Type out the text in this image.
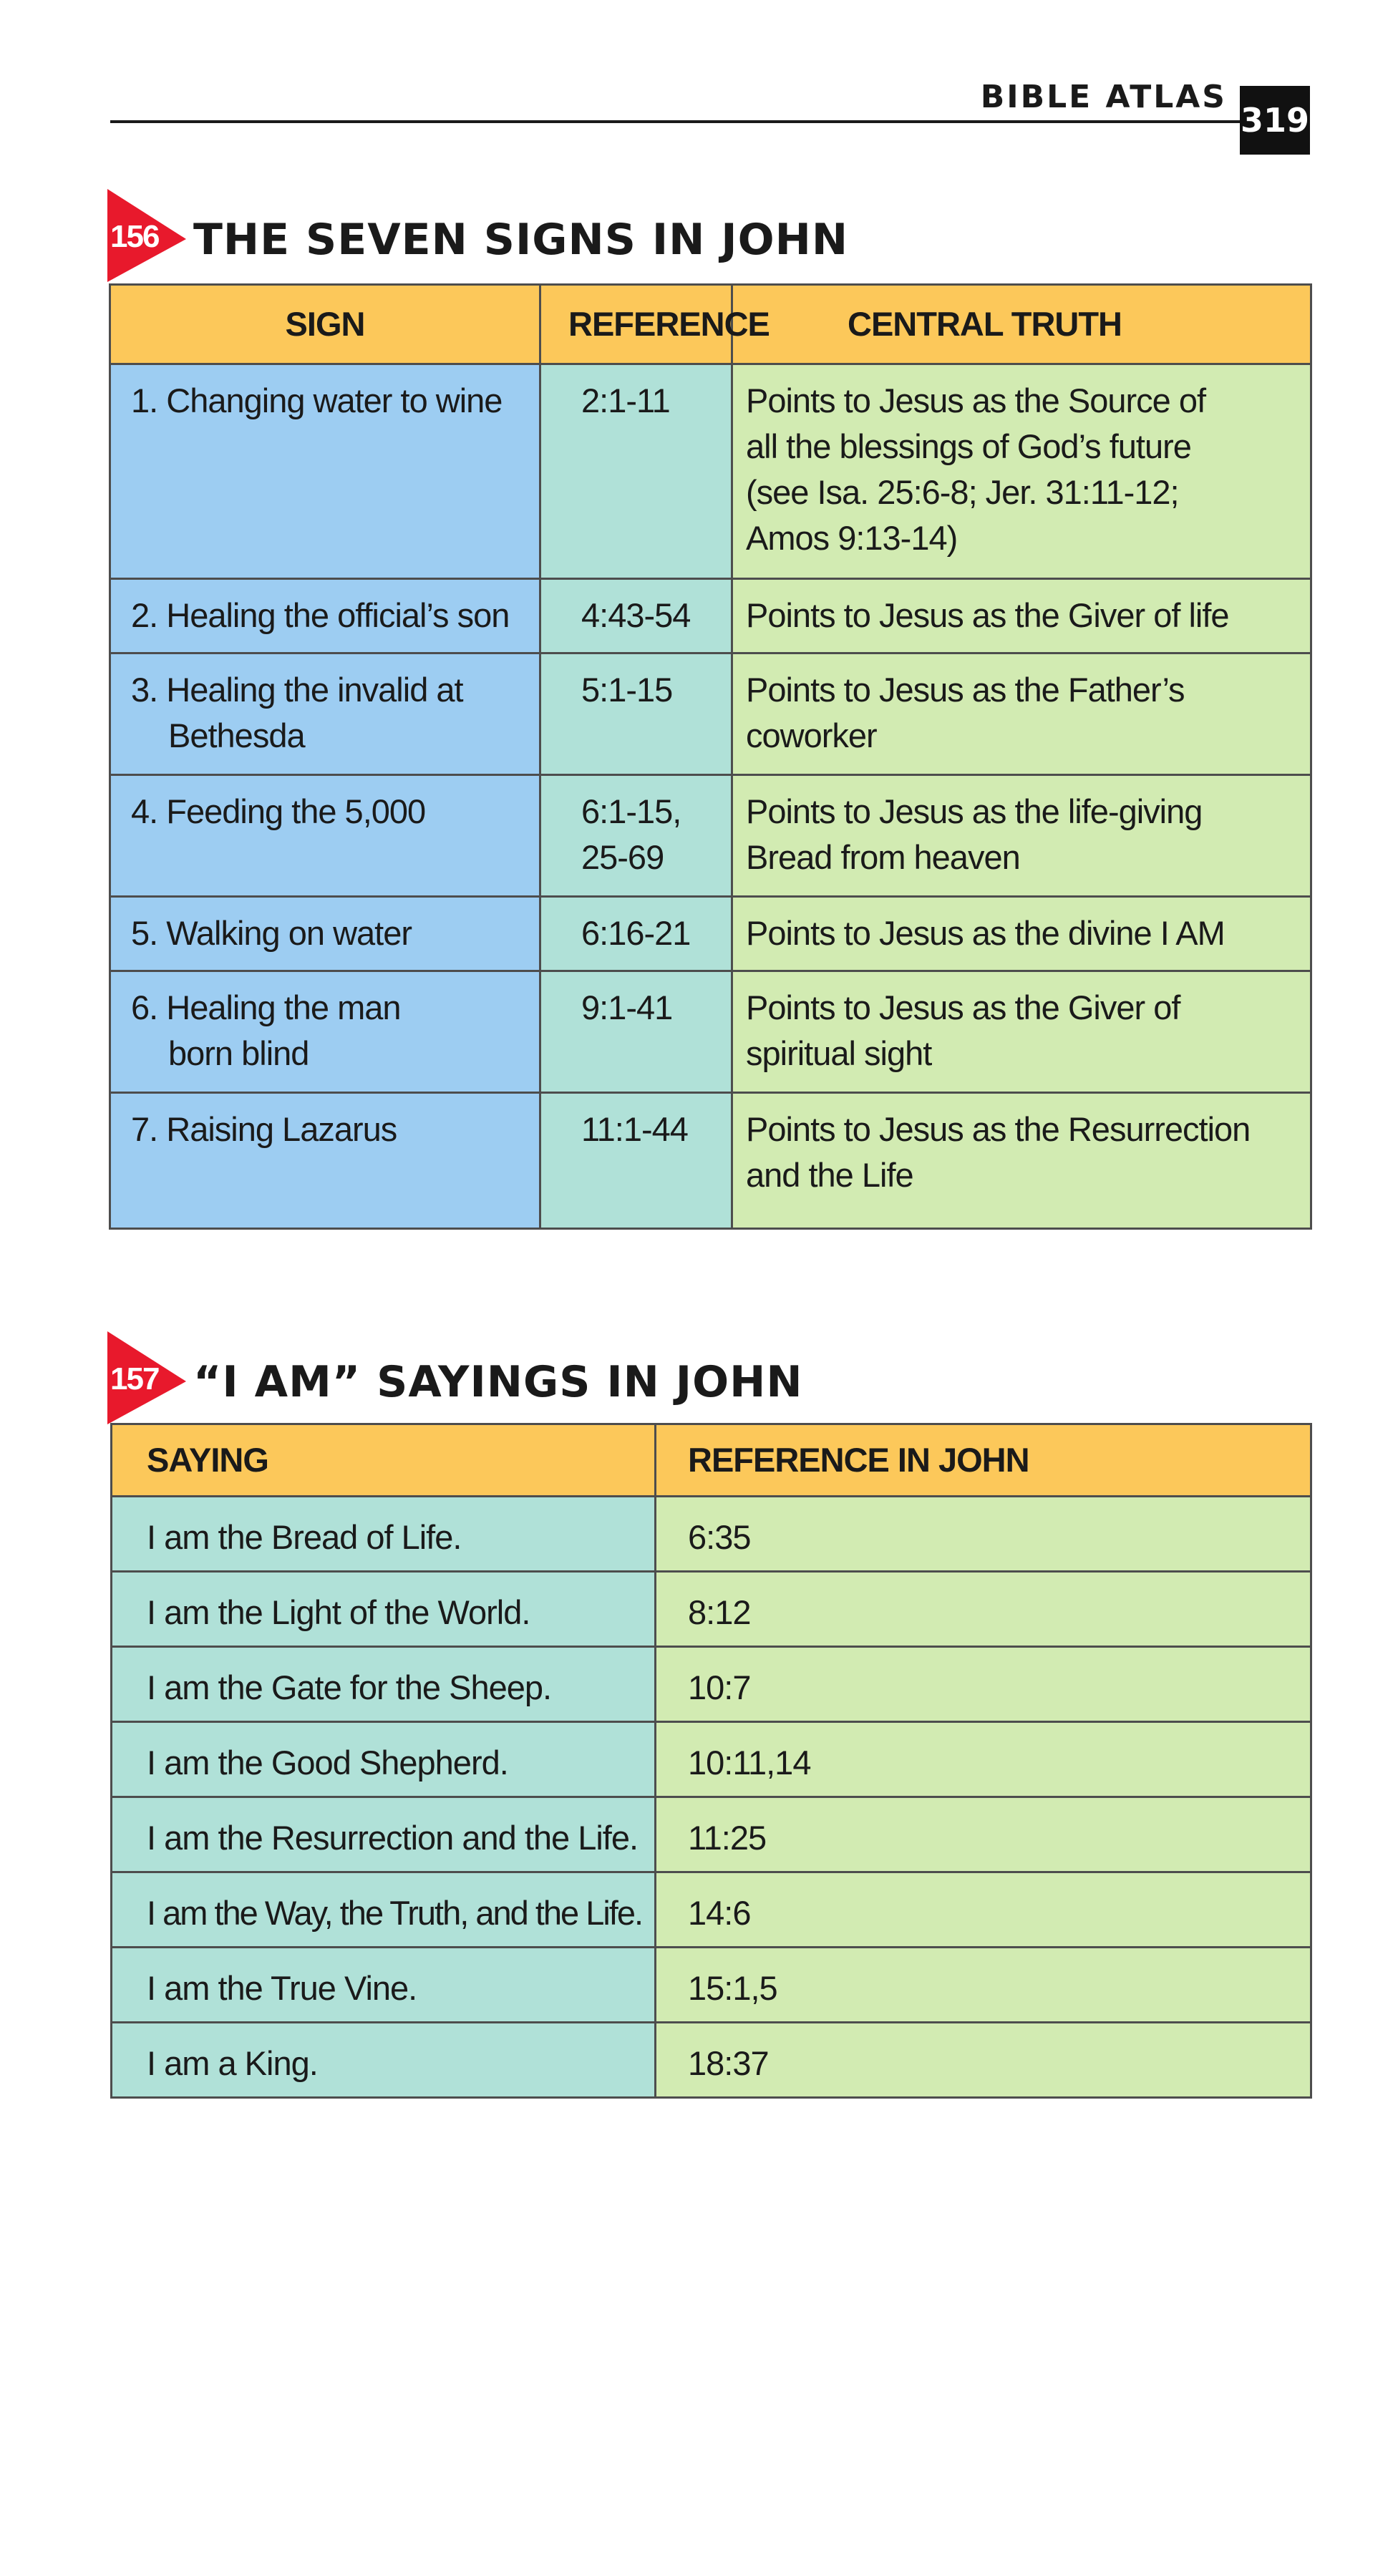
BIBLE ATLAS
319
156 THE SEVEN SIGNS IN JOHN
SIGN	REFERENCE	CENTRAL TRUTH

1. Changing water to wine	2:1-11	Points to Jesus as the Source of all the blessings of God’s future (see Isa. 25:6-8; Jer. 31:11-12; Amos 9:13-14)

2. Healing the official’s son	4:43-54	Points to Jesus as the Giver of life

3. Healing the invalid at Bethesda	5:1-15	Points to Jesus as the Father’s coworker

4. Feeding the 5,000	6:1-15, 25-69	Points to Jesus as the life-giving Bread from heaven

5. Walking on water	6:16-21	Points to Jesus as the divine I AM

6. Healing the man born blind	9:1-41	Points to Jesus as the Giver of spiritual sight

7. Raising Lazarus	11:1-44	Points to Jesus as the Resurrection and the Life
157 “I AM” SAYINGS IN JOHN
SAYING	REFERENCE IN JOHN
I am the Bread of Life.	6:35
I am the Light of the World.	8:12
I am the Gate for the Sheep.	10:7
I am the Good Shepherd.	10:11,14
I am the Resurrection and the Life.	11:25
I am the Way, the Truth, and the Life.	14:6
I am the True Vine.	15:1,5
I am a King.	18:37
